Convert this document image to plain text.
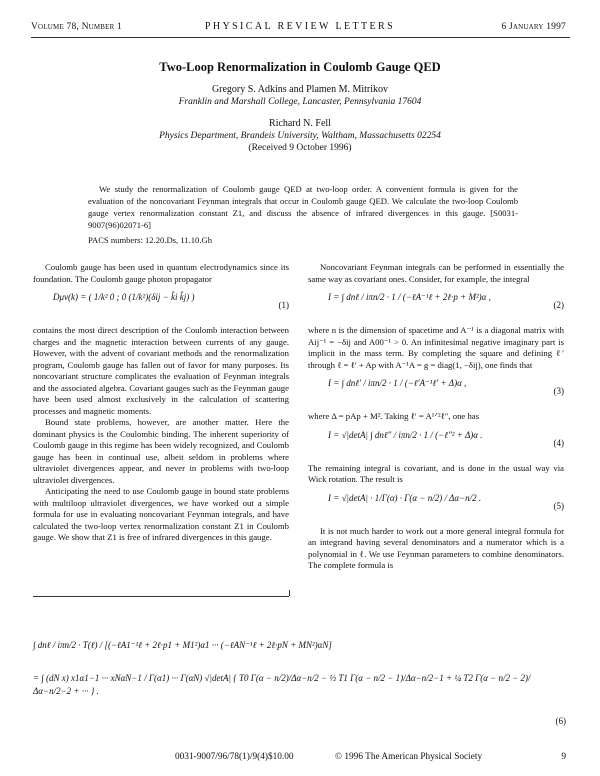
Volume 78, Number 1	PHYSICAL REVIEW LETTERS	6 January 1997
Two-Loop Renormalization in Coulomb Gauge QED
Gregory S. Adkins and Plamen M. Mitrikov
Franklin and Marshall College, Lancaster, Pennsylvania 17604
Richard N. Fell
Physics Department, Brandeis University, Waltham, Massachusetts 02254
(Received 9 October 1996)

We study the renormalization of Coulomb gauge QED at two-loop order. A convenient formula is given for the evaluation of the noncovariant Feynman integrals that occur in Coulomb gauge QED. We calculate the two-loop Coulomb gauge vertex renormalization constant Z1, and discuss the absence of infrared divergences in this gauge. [S0031-9007(96)02071-6]

PACS numbers: 12.20.Ds, 11.10.Gh

Coulomb gauge has been used in quantum electrodynamics since its foundation. The Coulomb gauge photon propagator

Dμν(k) = ( 1/k² 0 ; 0 (1/k²)(δij − k̂i k̂j) )
(1)

contains the most direct description of the Coulomb interaction between charges and the magnetic interaction between currents of any gauge. However, with the advent of covariant methods and the renormalization program, Coulomb gauge has fallen out of favor for many purposes. Its noncovariant structure complicates the evaluation of Feynman integrals and the associated algebra. Covariant gauges such as the Feynman gauge have been used almost exclusively in the calculation of scattering processes and magnetic moments.

Bound state problems, however, are another matter. Here the dominant physics is the Coulombic binding. The inherent superiority of Coulomb gauge in this regime has been widely recognized, and Coulomb gauge has been in continual use, albeit seldom in problems where ultraviolet divergences appear, and never in problems with two-loop ultraviolet divergences.

Anticipating the need to use Coulomb gauge in bound state problems with multiloop ultraviolet divergences, we have worked out a simple formula for use in evaluating noncovariant Feynman integrals, and have calculated the two-loop vertex renormalization constant Z1 in Coulomb gauge. We show that Z1 is free of infrared divergences in this gauge.

Noncovariant Feynman integrals can be performed in essentially the same way as covariant ones. Consider, for example, the integral

I = ∫ dnℓ / iπn/2 · 1 / (−ℓA⁻¹ℓ + 2ℓ·p + M²)α ,
(2)

where n is the dimension of spacetime and A⁻¹ is a diagonal matrix with Aij⁻¹ = −δij and A00⁻¹ > 0. An infinitesimal negative imaginary part is implicit in the mass term. By completing the square and defining ℓ′ through ℓ = ℓ′ + Ap with A⁻¹A = g = diag(1, −δij), one finds that

I = ∫ dnℓ′ / iπn/2 · 1 / (−ℓ′A⁻¹ℓ′ + Δ)α ,
(3)

where Δ = pAp + M². Taking ℓ′ = A¹ᐟ²ℓ″, one has

I = √|detA| ∫ dnℓ″ / iπn/2 · 1 / (−ℓ″² + Δ)α .
(4)

The remaining integral is covariant, and is done in the usual way via Wick rotation. The result is

I = √|detA| · 1/Γ(α) · Γ(α − n/2) / Δα−n/2 .
(5)

It is not much harder to work out a more general integral formula for an integrand having several denominators and a numerator which is a polynomial in ℓ. We use Feynman parameters to combine denominators. The complete formula is

∫ dnℓ / iπn/2 · T(ℓ) / [(−ℓA1⁻¹ℓ + 2ℓ·p1 + M1²)α1 ··· (−ℓAN⁻¹ℓ + 2ℓ·pN + MN²)αN]
= ∫ (dN x) x1α1−1 ··· xNαN−1 / Γ(α1) ··· Γ(αN) √|detA| { T0 Γ(α − n/2)/Δα−n/2 − ½ T1 Γ(α − n/2 − 1)/Δα−n/2−1 + ¼ T2 Γ(α − n/2 − 2)/Δα−n/2−2 + ··· } .
(6)
0031-9007/96/78(1)/9(4)$10.00	© 1996 The American Physical Society	9
